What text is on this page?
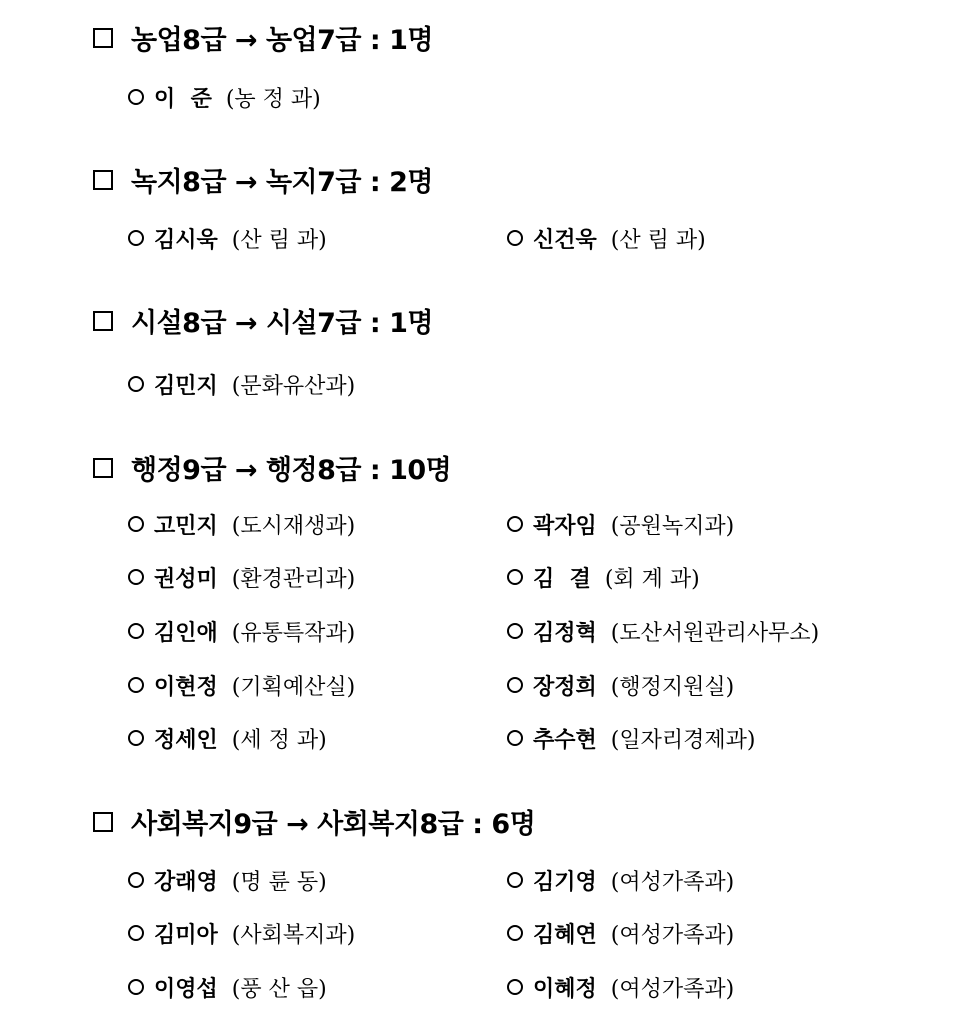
농업8급 → 농업7급 : 1명
이  준 (농 정 과)
녹지8급 → 녹지7급 : 2명
김시욱 (산 림 과)	신건욱 (산 림 과)
시설8급 → 시설7급 : 1명
김민지 (문화유산과)
행정9급 → 행정8급 : 10명
고민지 (도시재생과)	곽자임 (공원녹지과)
권성미 (환경관리과)	김  결 (회 계 과)
김인애 (유통특작과)	김정혁 (도산서원관리사무소)
이현정 (기획예산실)	장정희 (행정지원실)
정세인 (세 정 과)	추수현 (일자리경제과)
사회복지9급 → 사회복지8급 : 6명
강래영 (명 륜 동)	김기영 (여성가족과)
김미아 (사회복지과)	김혜연 (여성가족과)
이영섭 (풍 산 읍)	이혜정 (여성가족과)
